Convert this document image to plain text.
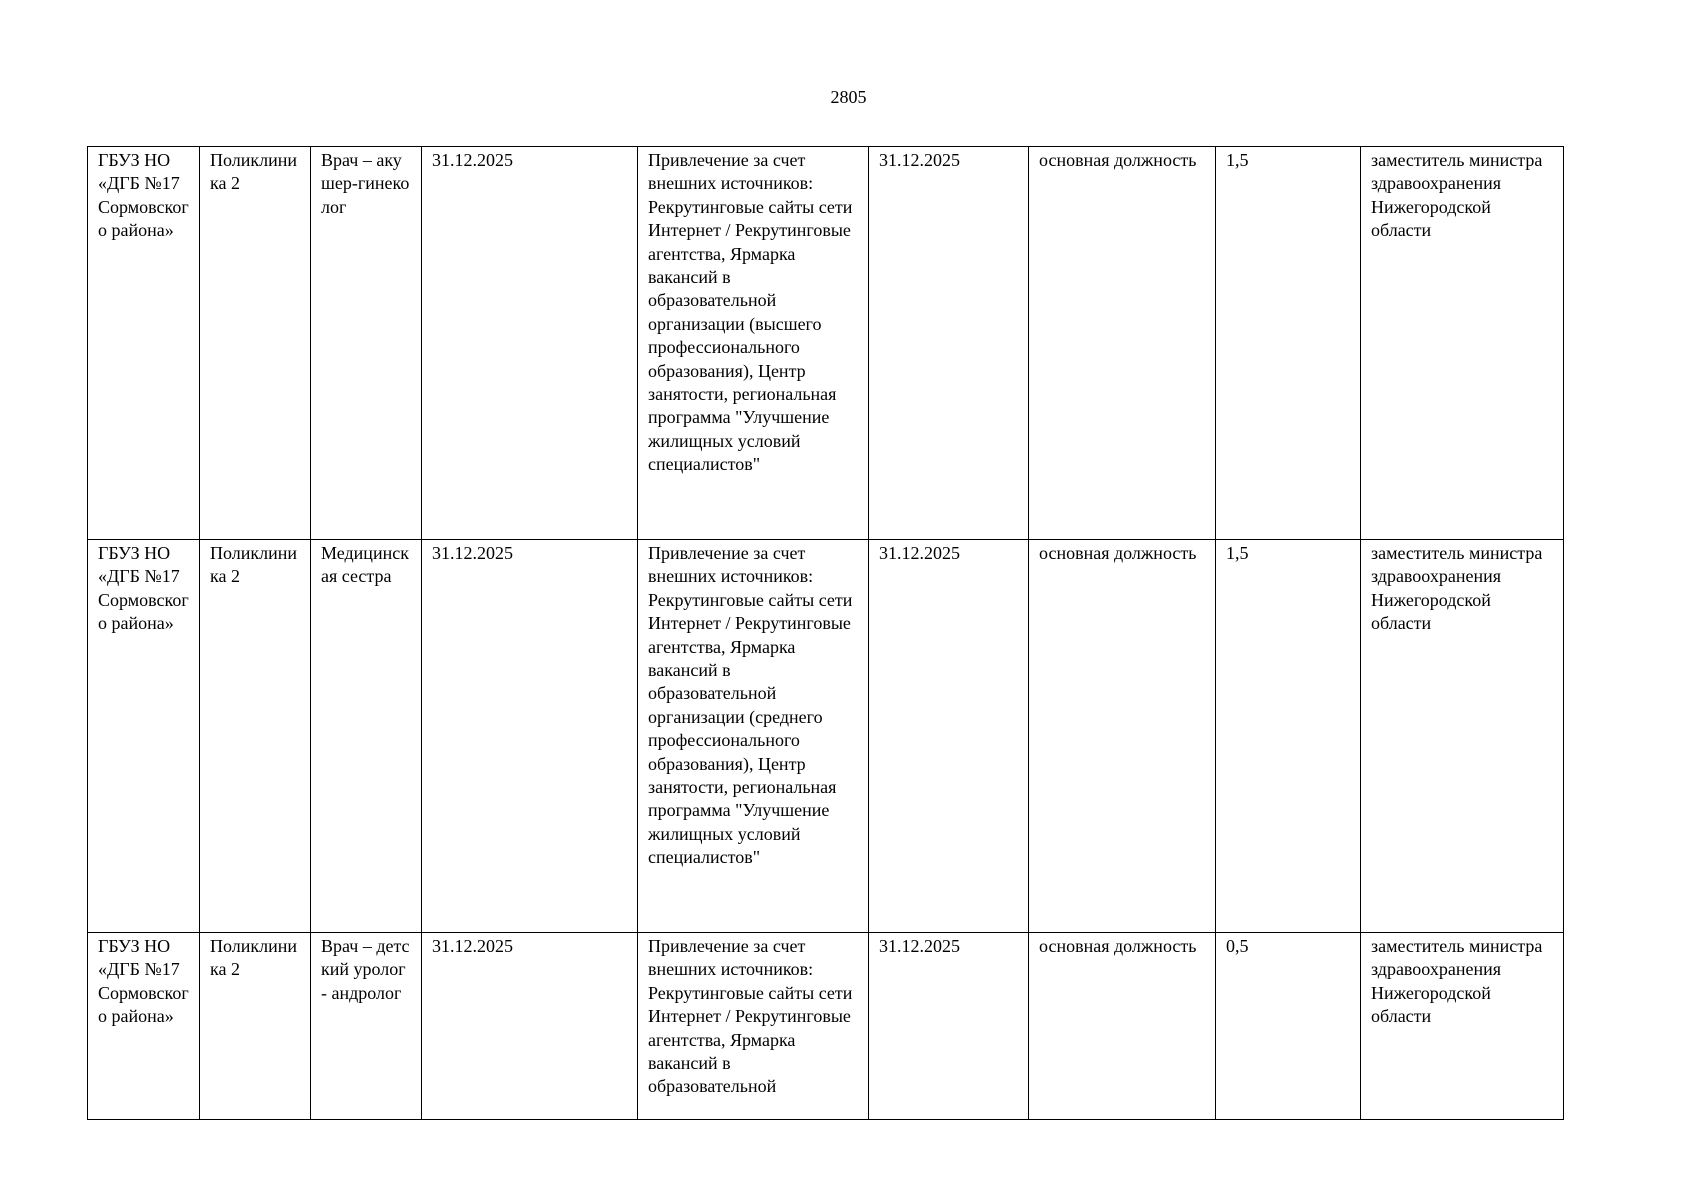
2805
ГБУЗ НО «ДГБ №17 Сормовского района»	Поликлиника 2	Врач – акушер-гинеколог	31.12.2025	Привлечение за счет внешних источников: Рекрутинговые сайты сети Интернет / Рекрутинговые агентства, Ярмарка вакансий в образовательной организации (высшего профессионального образования), Центр занятости, региональная программа "Улучшение жилищных условий специалистов"	31.12.2025	основная должность	1,5	заместитель министра здравоохранения Нижегородской области
ГБУЗ НО «ДГБ №17 Сормовского района»	Поликлиника 2	Медицинская сестра	31.12.2025	Привлечение за счет внешних источников: Рекрутинговые сайты сети Интернет / Рекрутинговые агентства, Ярмарка вакансий в образовательной организации (среднего профессионального образования), Центр занятости, региональная программа "Улучшение жилищных условий специалистов"	31.12.2025	основная должность	1,5	заместитель министра здравоохранения Нижегородской области

ГБУЗ НО «ДГБ №17 Сормовского района»	Поликлиника 2	Врач – детский уролог - андролог	31.12.2025	Привлечение за счет внешних источников: Рекрутинговые сайты сети Интернет / Рекрутинговые агентства, Ярмарка вакансий в образовательной	31.12.2025	основная должность	0,5	заместитель министра здравоохранения Нижегородской области
